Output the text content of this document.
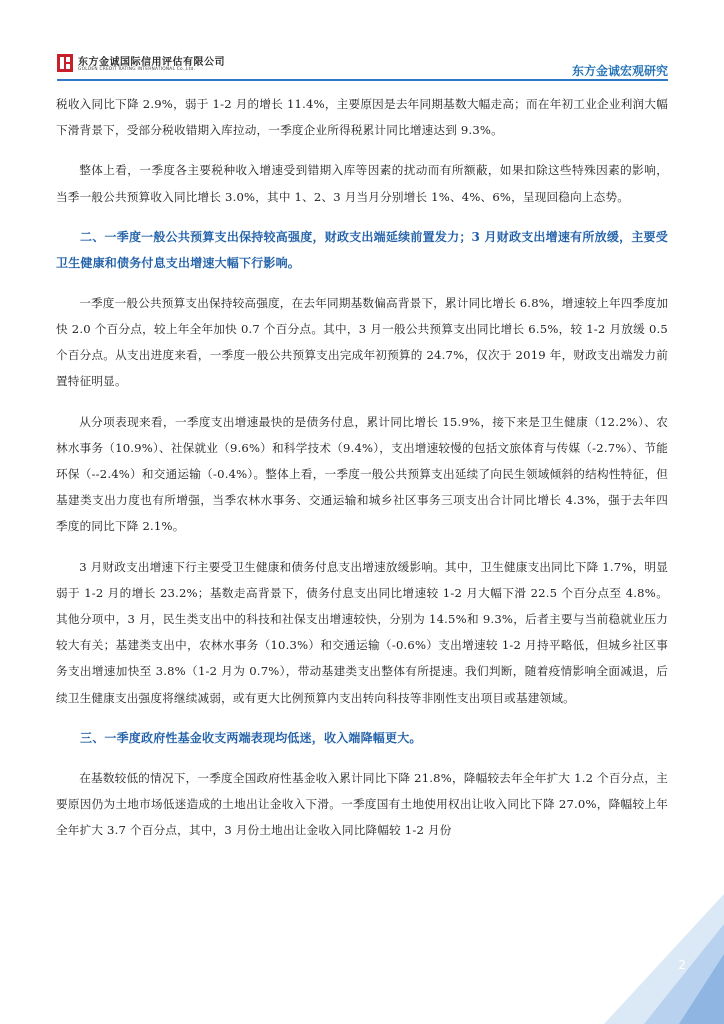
东方金诚国际信用评估有限公司
GOLDEN CREDIT RATING INTERNATIONAL Co.,Ltd.	东方金诚宏观研究

税收入同比下降 2.9%，弱于 1-2 月的增长 11.4%，主要原因是去年同期基数大幅走高；而在年初工业企业利润大幅下滑背景下，受部分税收错期入库拉动，一季度企业所得税累计同比增速达到 9.3%。

整体上看，一季度各主要税种收入增速受到错期入库等因素的扰动而有所额蔽，如果扣除这些特殊因素的影响，当季一般公共预算收入同比增长 3.0%，其中 1、2、3 月当月分别增长 1%、4%、6%，呈现回稳向上态势。

二、一季度一般公共预算支出保持较高强度，财政支出端延续前置发力；3 月财政支出增速有所放缓，主要受卫生健康和债务付息支出增速大幅下行影响。

一季度一般公共预算支出保持较高强度，在去年同期基数偏高背景下，累计同比增长 6.8%，增速较上年四季度加快 2.0 个百分点，较上年全年加快 0.7 个百分点。其中，3 月一般公共预算支出同比增长 6.5%，较 1-2 月放缓 0.5 个百分点。从支出进度来看，一季度一般公共预算支出完成年初预算的 24.7%，仅次于 2019 年，财政支出端发力前置特征明显。

从分项表现来看，一季度支出增速最快的是债务付息，累计同比增长 15.9%，接下来是卫生健康（12.2%）、农林水事务（10.9%）、社保就业（9.6%）和科学技术（9.4%），支出增速较慢的包括文旅体育与传媒（-2.7%）、节能环保（--2.4%）和交通运输（-0.4%）。整体上看，一季度一般公共预算支出延续了向民生领域倾斜的结构性特征，但基建类支出力度也有所增强，当季农林水事务、交通运输和城乡社区事务三项支出合计同比增长 4.3%，强于去年四季度的同比下降 2.1%。

3 月财政支出增速下行主要受卫生健康和债务付息支出增速放缓影响。其中，卫生健康支出同比下降 1.7%，明显弱于 1-2 月的增长 23.2%；基数走高背景下，债务付息支出同比增速较 1-2 月大幅下滑 22.5 个百分点至 4.8%。其他分项中，3 月，民生类支出中的科技和社保支出增速较快，分别为 14.5%和 9.3%，后者主要与当前稳就业压力较大有关；基建类支出中，农林水事务（10.3%）和交通运输（-0.6%）支出增速较 1-2 月持平略低，但城乡社区事务支出增速加快至 3.8%（1-2 月为 0.7%），带动基建类支出整体有所提速。我们判断，随着疫情影响全面减退，后续卫生健康支出强度将继续减弱，或有更大比例预算内支出转向科技等非刚性支出项目或基建领域。

三、一季度政府性基金收支两端表现均低迷，收入端降幅更大。

在基数较低的情况下，一季度全国政府性基金收入累计同比下降 21.8%，降幅较去年全年扩大 1.2 个百分点，主要原因仍为土地市场低迷造成的土地出让金收入下滑。一季度国有土地使用权出让收入同比下降 27.0%，降幅较上年全年扩大 3.7 个百分点，其中，3 月份土地出让金收入同比降幅较 1-2 月份

2
